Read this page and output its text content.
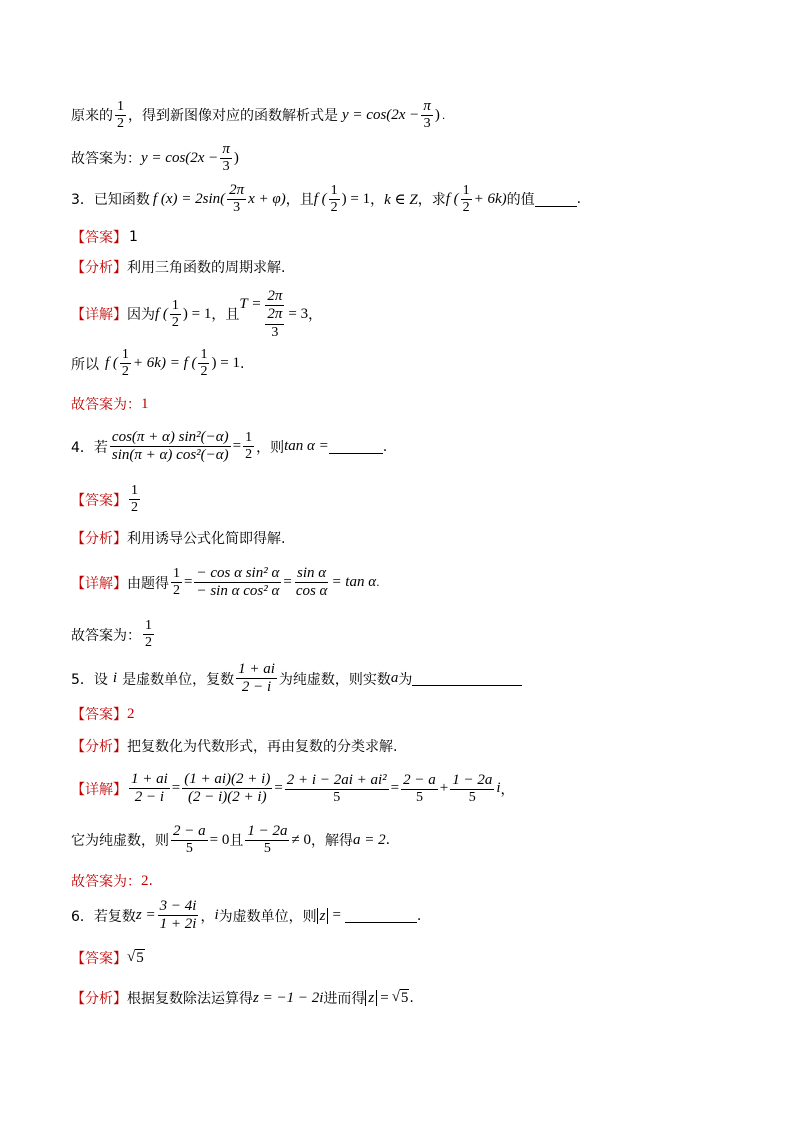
原来的 $\frac{1}{2}$ ，得到新图像对应的函数解析式是 $y = \cos(2x - \frac{\pi}{3}$ ) .
故答案为： $y = \cos(2x - \frac{\pi}{3}$ )
3．已知函数 f $(x) = 2\sin( \frac{2\pi}{3}$ x + φ) ，且 f ( $\frac{1}{2}$ ) = 1 ， k ∈ Z ，求 f ( $\frac{1}{2} + 6k$) 的值	.
【答案】 1
【分析】 利用三角函数的周期求解.
【详解】 因为 f ( $\frac{1}{2}$ ) = 1 ，且
$T = \frac{2\pi}{\frac{2\pi}{3}} = 3$ ，
所以 f ( $\frac{1}{2} + 6k) = f$ ( $\frac{1}{2}$ ) = 1 .
故答案为： 1
4．若 $\frac{\text{cos(π + α) sin²(−α)}}{\text{sin(π + α) cos²(−α)}} = \frac{1}{2}$ ，则 tan α =	.
【答案】 $\frac{1}{2}$
【分析】 利用诱导公式化简即得解.
【详解】 由题得 $\frac{1}{2} = \frac{\text{− cos α sin² α}}{\text{− sin α cos² α}} = \frac{\text{sin α}}{\text{cos α}} = \tan \alpha$ .
故答案为： $\frac{1}{2}$
5．设 i 是虚数单位，复数 $\frac{1 + ai}{2 - i}$ 为纯虚数，则实数 a 为
【答案】 2
【分析】 把复数化为代数形式，再由复数的分类求解.
【详解】 $\frac{1 + ai}{2 - i} = \frac{(1 + ai)(2 + i)}{(2 - i)(2 + i)} = \frac{\text{2 + i − 2ai + ai²}}{5} = \frac{2 - a}{5} + \frac{1 - 2a}{5}$ i ，
它为纯虚数，则 $\frac{2 - a}{5} = 0$ 且 $\frac{1 - 2a}{5} \ne 0$ ，解得 a = 2 .
故答案为： 2 .
6．若复数 $z = \frac{3 - 4i}{1 + 2i}$ ， i 为虚数单位，则 z =	.
【答案】 √ 5
【分析】 根据复数除法运算得 z = −1 − 2i 进而得 z = √ 5 .
